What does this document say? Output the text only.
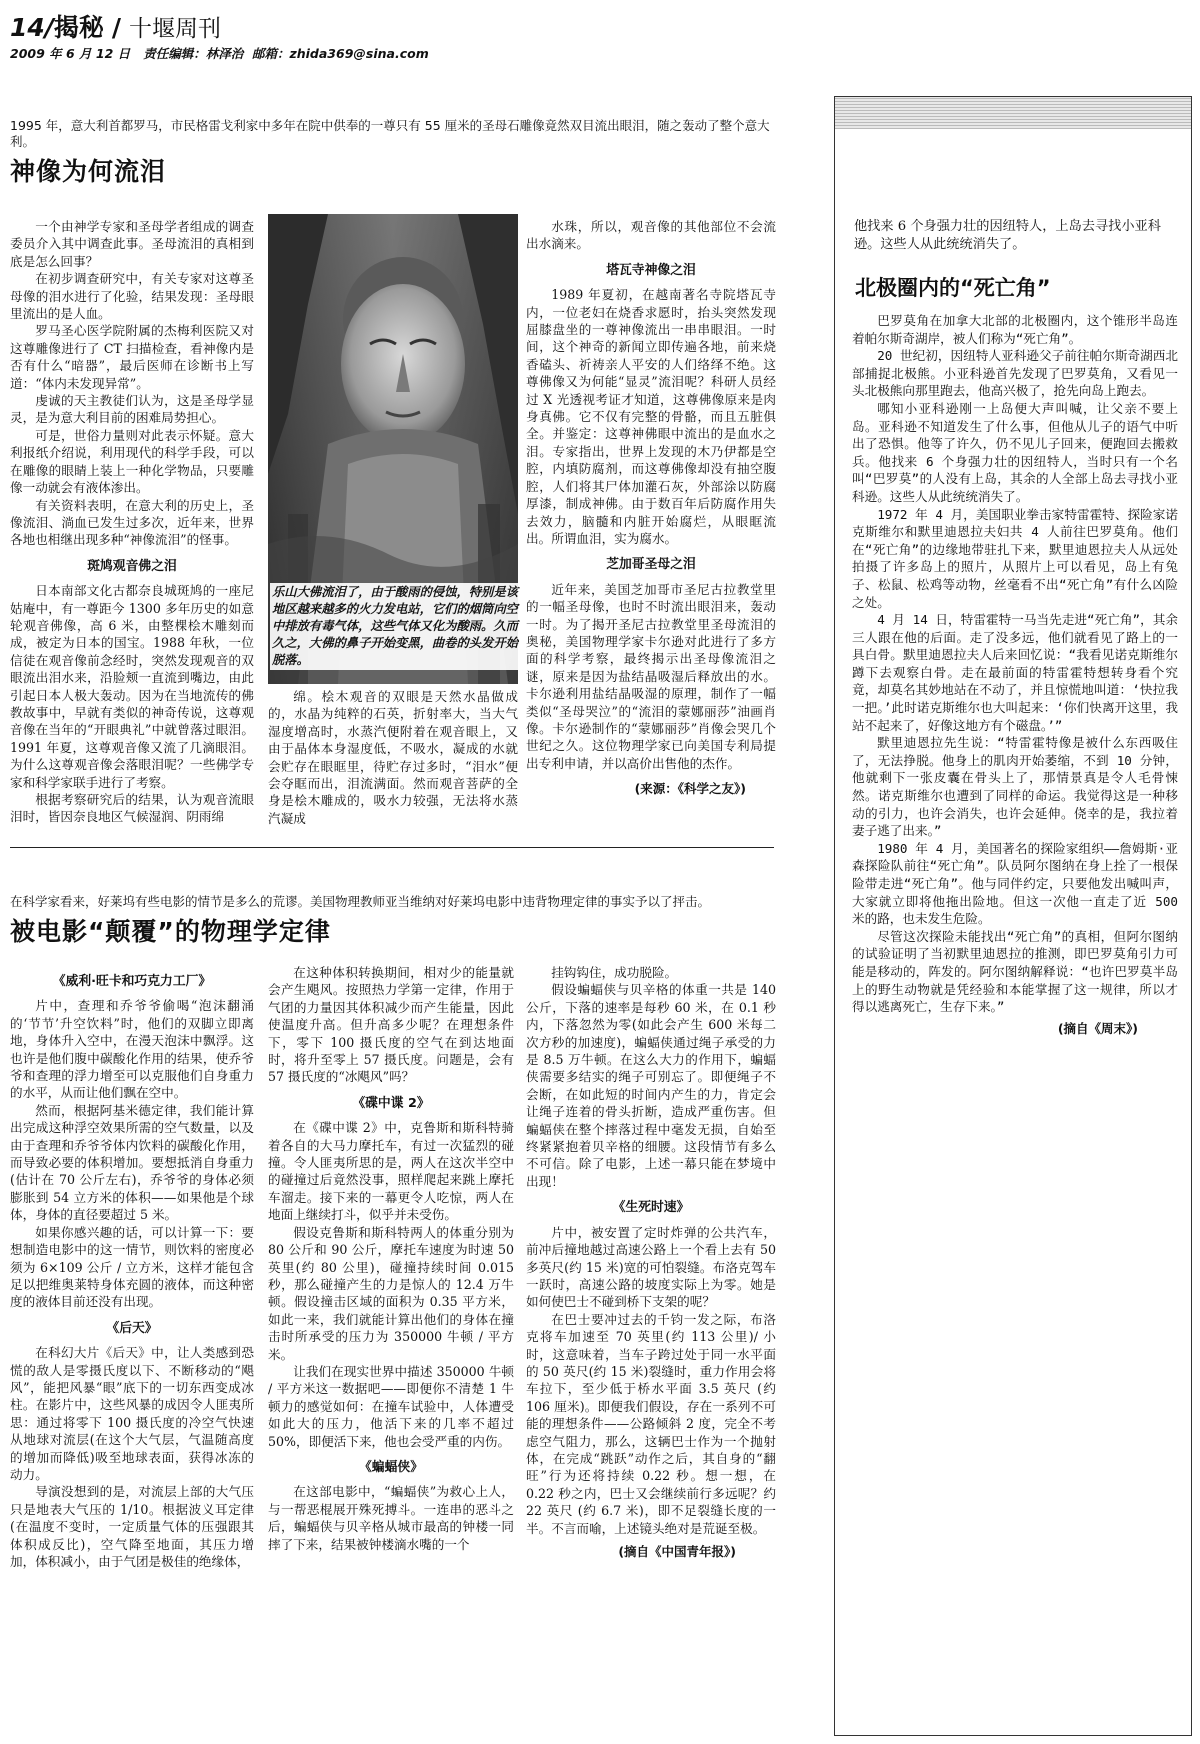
14/揭秘 / 十堰周刊
2009 年 6 月 12 日 责任编辑：林泽治 邮箱：zhida369@sina.com
1995 年，意大利首都罗马，市民格雷戈利家中多年在院中供奉的一尊只有 55 厘米的圣母石雕像竟然双目流出眼泪，随之轰动了整个意大利。
神像为何流泪

一个由神学专家和圣母学者组成的调查委员介入其中调查此事。圣母流泪的真相到底是怎么回事？

在初步调查研究中，有关专家对这尊圣母像的泪水进行了化验，结果发现：圣母眼里流出的是人血。

罗马圣心医学院附属的杰梅利医院又对这尊雕像进行了 CT 扫描检查，看神像内是否有什么“暗器”，最后医师在诊断书上写道：“体内未发现异常”。

虔诚的天主教徒们认为，这是圣母学显灵，是为意大利目前的困难局势担心。

可是，世俗力量则对此表示怀疑。意大利报纸介绍说，利用现代的科学手段，可以在雕像的眼睛上装上一种化学物品，只要雕像一动就会有液体渗出。

有关资料表明，在意大利的历史上，圣像流泪、淌血已发生过多次，近年来，世界各地也相继出现多种“神像流泪”的怪事。

斑鸠观音佛之泪

日本南部文化古都奈良城斑鸠的一座尼姑庵中，有一尊距今 1300 多年历史的如意轮观音佛像，高 6 米，由整棵桧木雕刻而成，被定为日本的国宝。1988 年秋，一位信徒在观音像前念经时，突然发现观音的双眼流出泪水来，沿脸颊一直流到嘴边，由此引起日本人极大轰动。因为在当地流传的佛教故事中，早就有类似的神奇传说，这尊观音像在当年的“开眼典礼”中就曾落过眼泪。1991 年夏，这尊观音像又流了几滴眼泪。为什么这尊观音像会落眼泪呢？一些佛学专家和科学家联手进行了考察。

根据考察研究后的结果，认为观音流眼泪时，皆因奈良地区气候湿润、阴雨绵

乐山大佛流泪了，由于酸雨的侵蚀，特别是该地区越来越多的火力发电站，它们的烟筒向空中排放有毒气体，这些气体又化为酸雨。久而久之，大佛的鼻子开始变黑，曲卷的头发开始脱落。

绵。桧木观音的双眼是天然水晶做成的，水晶为纯粹的石英，折射率大，当大气湿度增高时，水蒸汽便附着在观音眼上，又由于晶体本身湿度低，不吸水，凝成的水就会贮存在眼眶里，待贮存过多时，“泪水”便会夺眶而出，泪流满面。然而观音菩萨的全身是桧木雕成的，吸水力较强，无法将水蒸汽凝成

水珠，所以，观音像的其他部位不会流出水滴来。

塔瓦寺神像之泪

1989 年夏初，在越南著名寺院塔瓦寺内，一位老妇在烧香求愿时，抬头突然发现屈膝盘坐的一尊神像流出一串串眼泪。一时间，这个神奇的新闻立即传遍各地，前来烧香磕头、祈祷亲人平安的人们络绎不绝。这尊佛像又为何能“显灵”流泪呢？科研人员经过 X 光透视考证才知道，这尊佛像原来是肉身真佛。它不仅有完整的骨骼，而且五脏俱全。并鉴定：这尊神佛眼中流出的是血水之泪。专家指出，世界上发现的木乃伊都是空腔，内填防腐剂，而这尊佛像却没有抽空腹腔，人们将其尸体加灌石灰，外部涂以防腐厚漆，制成神佛。由于数百年后防腐作用失去效力，脑髓和内脏开始腐烂，从眼眶流出。所谓血泪，实为腐水。

芝加哥圣母之泪

近年来，美国芝加哥市圣尼古拉教堂里的一幅圣母像，也时不时流出眼泪来，轰动一时。为了揭开圣尼古拉教堂里圣母流泪的奥秘，美国物理学家卡尔逊对此进行了多方面的科学考察，最终揭示出圣母像流泪之谜，原来是因为盐结晶吸湿后释放出的水。卡尔逊利用盐结晶吸湿的原理，制作了一幅类似“圣母哭泣”的“流泪的蒙娜丽莎”油画肖像。卡尔逊制作的“蒙娜丽莎”肖像会哭几个世纪之久。这位物理学家已向美国专利局提出专利申请，并以高价出售他的杰作。

(来源：《科学之友》)
在科学家看来，好莱坞有些电影的情节是多么的荒谬。美国物理教师亚当维纳对好莱坞电影中违背物理定律的事实予以了抨击。
被电影“颠覆”的物理学定律
《威利·旺卡和巧克力工厂》

片中，查理和乔爷爷偷喝“泡沫翻涌的‘节节’升空饮料”时，他们的双脚立即离地，身体升入空中，在漫天泡沫中飘浮。这也许是他们腹中碳酸化作用的结果，使乔爷爷和查理的浮力增至可以克服他们自身重力的水平，从而让他们飘在空中。

然而，根据阿基米德定律，我们能计算出完成这种浮空效果所需的空气数量，以及由于查理和乔爷爷体内饮料的碳酸化作用，而导致必要的体积增加。要想抵消自身重力(估计在 70 公斤左右)，乔爷爷的身体必须膨胀到 54 立方米的体积——如果他是个球体，身体的直径要超过 5 米。

如果你感兴趣的话，可以计算一下：要想制造电影中的这一情节，则饮料的密度必须为 6×109 公斤 / 立方米，这样才能包含足以把维奥莱特身体充圆的液体，而这种密度的液体目前还没有出现。

《后天》

在科幻大片《后天》中，让人类感到恐慌的敌人是零摄氏度以下、不断移动的“飓风”，能把风暴“眼”底下的一切东西变成冰柱。在影片中，这些风暴的成因令人匪夷所思：通过将零下 100 摄氏度的冷空气快速从地球对流层(在这个大气层，气温随高度的增加而降低)吸至地球表面，获得冰冻的动力。

导演没想到的是，对流层上部的大气压只是地表大气压的 1/10。根据波义耳定律(在温度不变时，一定质量气体的压强跟其体积成反比)，空气降至地面，其压力增加，体积减小，由于气团是极佳的绝缘体，

在这种体积转换期间，相对少的能量就会产生飓风。按照热力学第一定律，作用于气团的力量因其体积减少而产生能量，因此使温度升高。但升高多少呢？在理想条件下，零下 100 摄氏度的空气在到达地面时，将升至零上 57 摄氏度。问题是，会有 57 摄氏度的“冰飓风”吗？

《碟中谍 2》

在《碟中谍 2》中，克鲁斯和斯科特骑着各自的大马力摩托车，有过一次猛烈的碰撞。令人匪夷所思的是，两人在这次半空中的碰撞过后竟然没事，照样爬起来跳上摩托车溜走。接下来的一幕更令人吃惊，两人在地面上继续打斗，似乎并未受伤。

假设克鲁斯和斯科特两人的体重分别为 80 公斤和 90 公斤，摩托车速度为时速 50 英里(约 80 公里)，碰撞持续时间 0.015 秒，那么碰撞产生的力是惊人的 12.4 万牛顿。假设撞击区域的面积为 0.35 平方米，如此一来，我们就能计算出他们的身体在撞击时所承受的压力为 350000 牛顿 / 平方米。

让我们在现实世界中描述 350000 牛顿 / 平方米这一数据吧——即便你不清楚 1 牛顿力的感觉如何：在撞车试验中，人体遭受如此大的压力，他活下来的几率不超过 50%，即便活下来，他也会受严重的内伤。

《蝙蝠侠》

在这部电影中，“蝙蝠侠”为救心上人，与一帮恶棍展开殊死搏斗。一连串的恶斗之后，蝙蝠侠与贝辛格从城市最高的钟楼一同摔了下来，结果被钟楼滴水嘴的一个

挂钩钩住，成功脱险。

假设蝙蝠侠与贝辛格的体重一共是 140 公斤，下落的速率是每秒 60 米，在 0.1 秒内，下落忽然为零(如此会产生 600 米每二次方秒的加速度)，蝙蝠侠通过绳子承受的力是 8.5 万牛顿。在这么大力的作用下，蝙蝠侠需要多结实的绳子可别忘了。即便绳子不会断，在如此短的时间内产生的力，肯定会让绳子连着的骨头折断，造成严重伤害。但蝙蝠侠在整个摔落过程中毫发无损，自始至终紧紧抱着贝辛格的细腰。这段情节有多么不可信。除了电影，上述一幕只能在梦境中出现！

《生死时速》

片中，被安置了定时炸弹的公共汽车，前冲后撞地越过高速公路上一个看上去有 50 多英尺(约 15 米)宽的可怕裂缝。布洛克驾车一跃时，高速公路的坡度实际上为零。她是如何使巴士不碰到桥下支架的呢？

在巴士要冲过去的千钧一发之际，布洛克将车加速至 70 英里(约 113 公里)/ 小时，这意味着，当车子跨过处于同一水平面的 50 英尺(约 15 米)裂缝时，重力作用会将车拉下，至少低于桥水平面 3.5 英尺 (约 106 厘米)。即便我们假设，存在一系列不可能的理想条件——公路倾斜 2 度，完全不考虑空气阻力，那么，这辆巴士作为一个抛射体，在完成“跳跃”动作之后，其自身的“翻旺”行为还将持续 0.22 秒。想一想，在 0.22 秒之内，巴士又会继续前行多远呢？约 22 英尺 (约 6.7 米)，即不足裂缝长度的一半。不言而喻，上述镜头绝对是荒诞至极。

(摘自《中国青年报》)
他找来 6 个身强力壮的因纽特人，上岛去寻找小亚科逊。这些人从此统统消失了。
北极圈内的“死亡角”

巴罗莫角在加拿大北部的北极圈内，这个锥形半岛连着帕尔斯奇湖岸，被人们称为“死亡角”。

20 世纪初，因纽特人亚科逊父子前往帕尔斯奇湖西北部捕捉北极熊。小亚科逊首先发现了巴罗莫角，又看见一头北极熊向那里跑去，他高兴极了，抢先向岛上跑去。

哪知小亚科逊刚一上岛便大声叫喊，让父亲不要上岛。亚科逊不知道发生了什么事，但他从儿子的语气中听出了恐惧。他等了许久，仍不见儿子回来，便跑回去搬救兵。他找来 6 个身强力壮的因纽特人，当时只有一个名叫“巴罗莫”的人没有上岛，其余的人全部上岛去寻找小亚科逊。这些人从此统统消失了。

1972 年 4 月，美国职业拳击家特雷霍特、探险家诺克斯维尔和默里迪恩拉夫妇共 4 人前往巴罗莫角。他们在“死亡角”的边缘地带驻扎下来，默里迪恩拉夫人从远处拍摄了许多岛上的照片，从照片上可以看见，岛上有兔子、松鼠、松鸡等动物，丝毫看不出“死亡角”有什么凶险之处。

4 月 14 日，特雷霍特一马当先走进“死亡角”，其余三人跟在他的后面。走了没多远，他们就看见了路上的一具白骨。默里迪恩拉夫人后来回忆说：“我看见诺克斯维尔蹲下去观察白骨。走在最前面的特雷霍特想转身看个究竟，却莫名其妙地站在不动了，并且惊慌地叫道：‘快拉我一把。’此时诺克斯维尔也大叫起来：‘你们快离开这里，我站不起来了，好像这地方有个磁盘。’”

默里迪恩拉先生说：“特雷霍特像是被什么东西吸住了，无法挣脱。他身上的肌肉开始萎缩，不到 10 分钟，他就剩下一张皮囊在骨头上了，那情景真是令人毛骨悚然。诺克斯维尔也遭到了同样的命运。我觉得这是一种移动的引力，也许会消失，也许会延伸。侥幸的是，我拉着妻子逃了出来。”

1980 年 4 月，美国著名的探险家组织——詹姆斯·亚森探险队前往“死亡角”。队员阿尔图纳在身上拴了一根保险带走进“死亡角”。他与同伴约定，只要他发出喊叫声，大家就立即将他拖出险地。但这一次他一直走了近 500 米的路，也未发生危险。

尽管这次探险未能找出“死亡角”的真相，但阿尔图纳的试验证明了当初默里迪恩拉的推测，即巴罗莫角引力可能是移动的，阵发的。阿尔图纳解释说：“也许巴罗莫半岛上的野生动物就是凭经验和本能掌握了这一规律，所以才得以逃离死亡，生存下来。”

(摘自《周末》)
